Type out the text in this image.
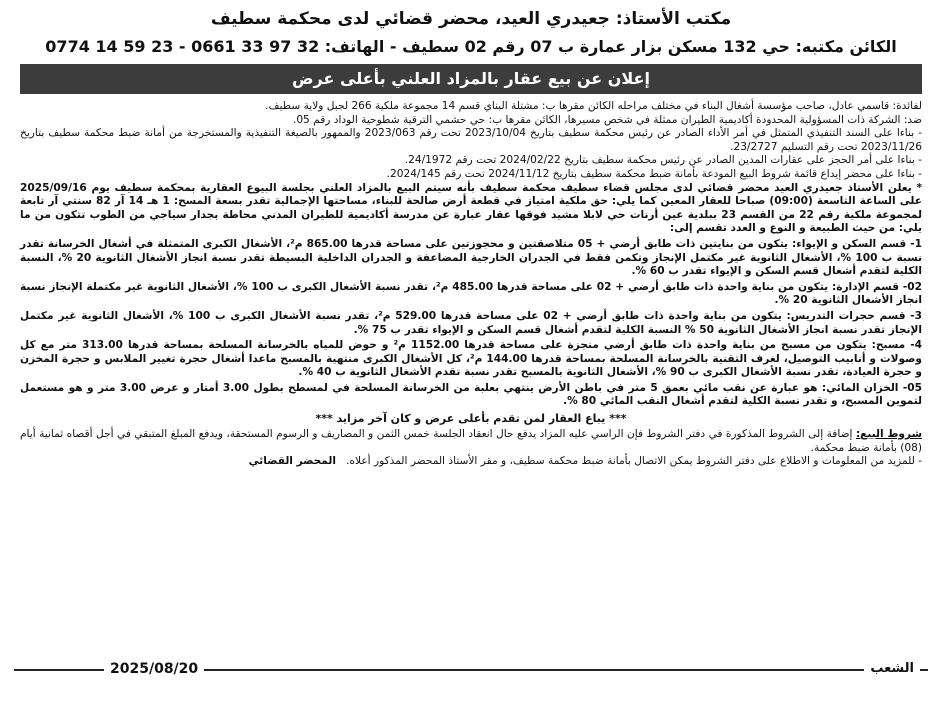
مكتب الأستاذ: جعيدري العيد، محضر قضائي لدى محكمة سطيف
الكائن مكتبه: حي 132 مسكن بزار عمارة ب 07 رقم 02 سطيف - الهاتف: 32 97 33 0661 - 23 59 14 0774
إعلان عن بيع عقار بالمزاد العلني بأعلى عرض

لفائدة: قاسمي عادل، صاحب مؤسسة أشغال البناء في مختلف مراحله الكائن مقرها ب: مشتلة البناي قسم 14 مجموعة ملكية 266 لجبل ولاية سطيف.

ضد: الشركة ذات المسؤولية المحدودة أكاديمية الطيران ممثلة في شخص مسيرها، الكائن مقرها ب: حي حشمي الترقية شطوحية الوداد رقم 05.

- بناءا على السند التنفيذي المتمثل في أمر الأداء الصادر عن رئيس محكمة سطيف بتاريخ 2023/10/04 تحت رقم 2023/063 والممهور بالصيغة التنفيذية والمستخرجة من أمانة ضبط محكمة سطيف بتاريخ 2023/11/26 تحت رقم التسليم 23/2727.

- بناءا على أمر الحجز على عقارات المدين الصادر عن رئيس محكمة سطيف بتاريخ 2024/02/22 تحت رقم 24/1972.

- بناءا على محضر إيداع قائمة شروط البيع المودعة بأمانة ضبط محكمة سطيف بتاريخ 2024/11/12 تحت رقم 2024/145.

* يعلن الأستاذ جعيدري العيد محضر قضائي لدى مجلس قضاء سطيف محكمة سطيف بأنه سيتم البيع بالمزاد العلني بجلسة البيوع العقارية بمحكمة سطيف يوم 2025/09/16 على الساعة التاسعة (09:00) صباحا للعقار المعين كما يلي: حق ملكية امتياز في قطعة أرض صالحة للبناء، مساحتها الإجمالية تقدر بسعة المسح: 1 هـ 14 آر 82 سنتي آر تابعة لمجموعة ملكية رقم 22 من القسم 23 ببلدية عين أرنات حي لابلا مشيد فوقها عقار عبارة عن مدرسة أكاديمية للطيران المدني محاطة بجدار سياجي من الطوب تتكون من ما يلي: من حيث الطبيعة و النوع و العدد تقسم إلى:

1- قسم السكن و الإيواء: يتكون من بنايتين ذات طابق أرضي + 05 متلاصقتين و محجوزتين على مساحة قدرها 865.00 م²، الأشغال الكبرى المتمثلة في أشغال الخرسانة تقدر نسبة ب 100 %، الأشغال الثانوية غير مكتمل الإنجاز وتكمن فقط في الجدران الخارجية المضاعفة و الجدران الداخلية البسيطة تقدر نسبة انجاز الأشغال الثانوية 20 %، النسبة الكلية لتقدم أشغال قسم السكن و الإيواء تقدر ب 60 %.

02- قسم الإدارة: يتكون من بناية واحدة ذات طابق أرضي + 02 على مساحة قدرها 485.00 م²، تقدر نسبة الأشغال الكبرى ب 100 %، الأشغال الثانوية غير مكتملة الإنجاز نسبة انجاز الأشغال الثانوية 20 %.

3- قسم حجرات التدريس: يتكون من بناية واحدة ذات طابق أرضي + 02 على مساحة قدرها 529.00 م²، تقدر نسبة الأشغال الكبرى ب 100 %، الأشغال الثانوية غير مكتمل الإنجاز تقدر نسبة انجاز الأشغال الثانوية 50 % النسبة الكلية لتقدم أشغال قسم السكن و الإيواء تقدر ب 75 %.

4- مسبح: يتكون من مسبح من بناية واحدة ذات طابق أرضي منجزة على مساحة قدرها 1152.00 م² و حوض للمياه بالخرسانة المسلحة بمساحة قدرها 313.00 متر مع كل وصولات و أنابيب التوصيل، لغرف التقنية بالخرسانة المسلحة بمساحة قدرها 144.00 م²، كل الأشغال الكبرى منتهية بالمسبح ماعدا أشغال حجرة تغيير الملابس و حجرة المخزن و حجرة العيادة، تقدر نسبة الأشغال الكبرى ب 90 %، الأشغال الثانوية بالمسبح تقدر نسبة تقدم الأشغال الثانوية ب 40 %.

05- الخزان المائي: هو عبارة عن نقب مائي بعمق 5 متر في باطن الأرض ينتهي بعلبة من الخرسانة المسلحة في لمسطح بطول 3.00 أمتار و عرض 3.00 متر و هو مستعمل لتموين المسبح، و تقدر نسبة الكلية لتقدم أشغال النقب المائي 80 %.

*** يباع العقار لمن تقدم بأعلى عرض و كان آخر مزايد ***

شروط البيع: إضافة إلى الشروط المذكورة في دفتر الشروط فإن الراسي عليه المزاد يدفع حال انعقاد الجلسة خمس الثمن و المصاريف و الرسوم المستحقة، ويدفع المبلغ المتبقي في أجل أقصاه ثمانية أيام (08) بأمانة ضبط محكمة.

- للمزيد من المعلومات و الاطلاع على دفتر الشروط يمكن الاتصال بأمانة ضبط محكمة سطيف، و مقر الأستاذ المحضر المذكور أعلاه.   المحضر القضائي

الشعب
2025/08/20
